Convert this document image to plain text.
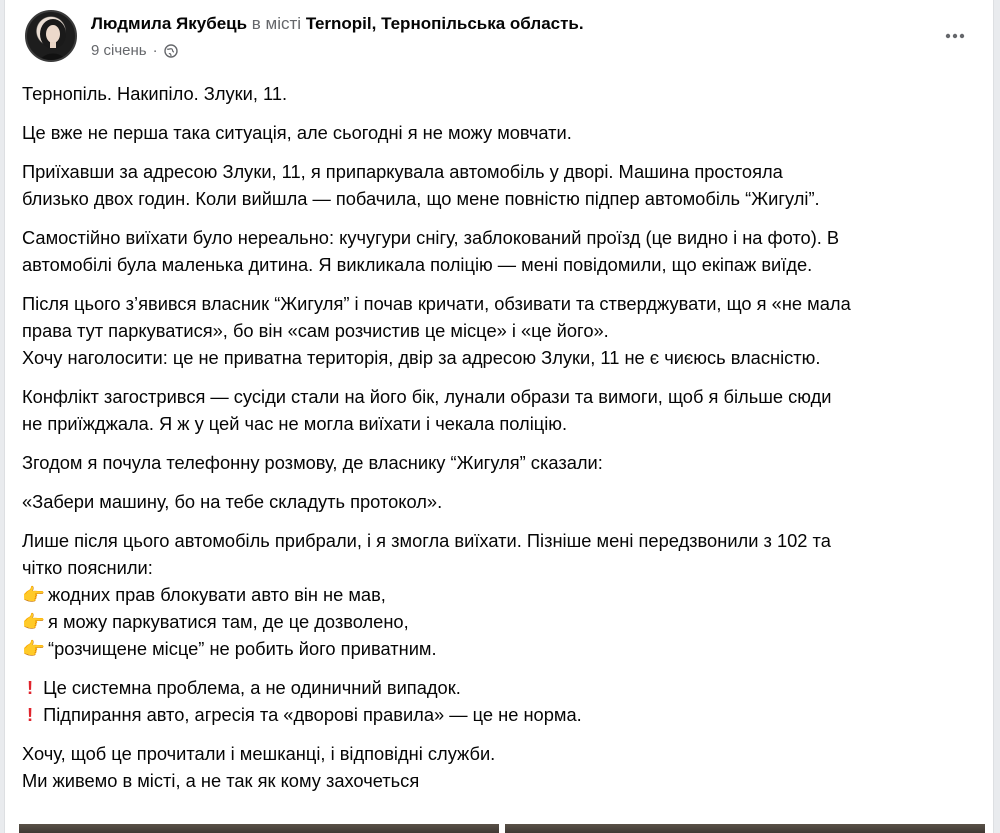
Людмила Якубець в місті Ternopil, Тернопільська область.
9 січень ·

Тернопіль. Накипіло. Злуки, 11.

Це вже не перша така ситуація, але сьогодні я не можу мовчати.

Приїхавши за адресою Злуки, 11, я припаркувала автомобіль у дворі. Машина простояла
близько двох годин. Коли вийшла — побачила, що мене повністю підпер автомобіль “Жигулі”.

Самостійно виїхати було нереально: кучугури снігу, заблокований проїзд (це видно і на фото). В
автомобілі була маленька дитина. Я викликала поліцію — мені повідомили, що екіпаж виїде.

Після цього з’явився власник “Жигуля” і почав кричати, обзивати та стверджувати, що я «не мала
права тут паркуватися», бо він «сам розчистив це місце» і «це його».
Хочу наголосити: це не приватна територія, двір за адресою Злуки, 11 не є чиєюсь власністю.

Конфлікт загострився — сусіди стали на його бік, лунали образи та вимоги, щоб я більше сюди
не приїжджала. Я ж у цей час не могла виїхати і чекала поліцію.

Згодом я почула телефонну розмову, де власнику “Жигуля” сказали:

«Забери машину, бо на тебе складуть протокол».

Лише після цього автомобіль прибрали, і я змогла виїхати. Пізніше мені передзвонили з 102 та
чітко пояснили:
👉 жодних прав блокувати авто він не мав,
👉 я можу паркуватися там, де це дозволено,
👉 “розчищене місце” не робить його приватним.

! Це системна проблема, а не одиничний випадок.
! Підпирання авто, агресія та «дворові правила» — це не норма.

Хочу, щоб це прочитали і мешканці, і відповідні служби.
Ми живемо в місті, а не так як кому захочеться
